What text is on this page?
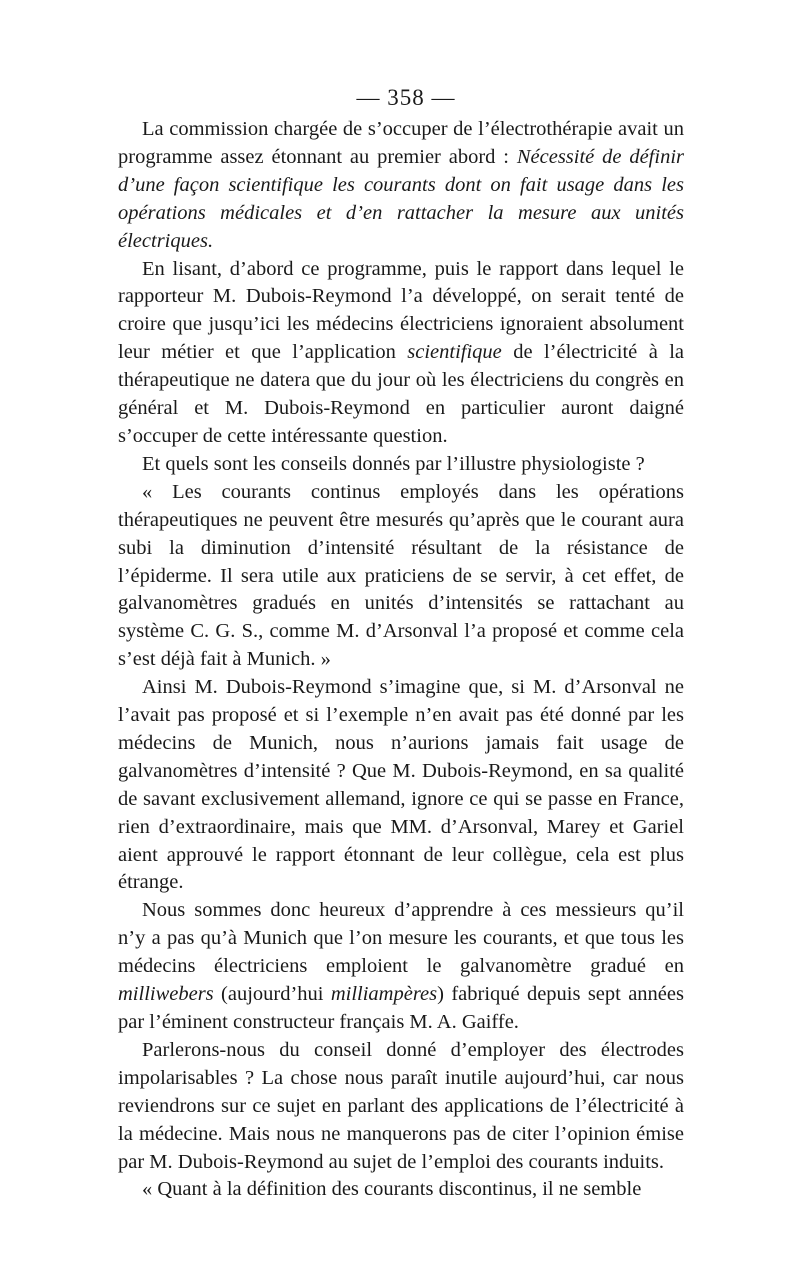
— 358 —

La commission chargée de s’occuper de l’électrothérapie avait un programme assez étonnant au premier abord : Nécessité de définir d’une façon scientifique les courants dont on fait usage dans les opérations médicales et d’en rattacher la mesure aux unités électriques.

En lisant, d’abord ce programme, puis le rapport dans lequel le rapporteur M. Dubois-Reymond l’a développé, on serait tenté de croire que jusqu’ici les médecins électriciens ignoraient absolument leur métier et que l’application scientifique de l’électricité à la thérapeutique ne datera que du jour où les électriciens du congrès en général et M. Dubois-Reymond en particulier auront daigné s’occuper de cette intéressante question.

Et quels sont les conseils donnés par l’illustre physiologiste ?

« Les courants continus employés dans les opérations thérapeutiques ne peuvent être mesurés qu’après que le courant aura subi la diminution d’intensité résultant de la résistance de l’épiderme. Il sera utile aux praticiens de se servir, à cet effet, de galvanomètres gradués en unités d’intensités se rattachant au système C. G. S., comme M. d’Arsonval l’a proposé et comme cela s’est déjà fait à Munich. »

Ainsi M. Dubois-Reymond s’imagine que, si M. d’Arsonval ne l’avait pas proposé et si l’exemple n’en avait pas été donné par les médecins de Munich, nous n’aurions jamais fait usage de galvanomètres d’intensité ? Que M. Dubois-Reymond, en sa qualité de savant exclusivement allemand, ignore ce qui se passe en France, rien d’extraordinaire, mais que MM. d’Arsonval, Marey et Gariel aient approuvé le rapport étonnant de leur collègue, cela est plus étrange.

Nous sommes donc heureux d’apprendre à ces messieurs qu’il n’y a pas qu’à Munich que l’on mesure les courants, et que tous les médecins électriciens emploient le galvanomètre gradué en milliwebers (aujourd’hui milliampères) fabriqué depuis sept années par l’éminent constructeur français M. A. Gaiffe.

Parlerons-nous du conseil donné d’employer des électrodes impolarisables ? La chose nous paraît inutile aujourd’hui, car nous reviendrons sur ce sujet en parlant des applications de l’électricité à la médecine. Mais nous ne manquerons pas de citer l’opinion émise par M. Dubois-Reymond au sujet de l’emploi des courants induits.

« Quant à la définition des courants discontinus, il ne semble
